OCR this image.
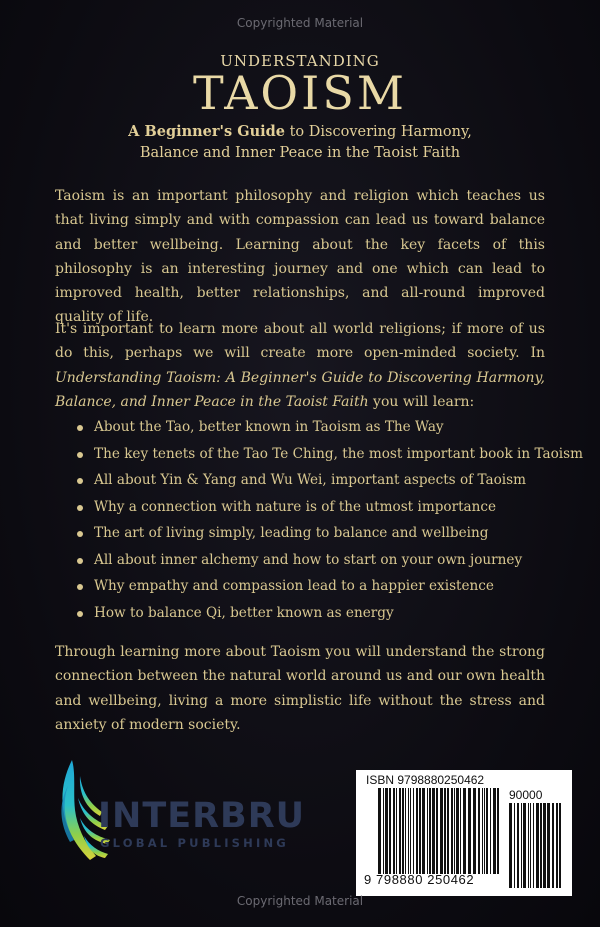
Copyrighted Material
UNDERSTANDING
TAOISM
A Beginner's Guide to Discovering Harmony,
Balance and Inner Peace in the Taoist Faith

Taoism is an important philosophy and religion which teaches us that living simply and with compassion can lead us toward balance and better wellbeing. Learning about the key facets of this philosophy is an interesting journey and one which can lead to improved health, better relationships, and all-round improved quality of life.

It's important to learn more about all world religions; if more of us do this, perhaps we will create more open-minded society. In Understanding Taoism: A Beginner's Guide to Discovering Harmony, Balance, and Inner Peace in the Taoist Faith you will learn:

About the Tao, better known in Taoism as The Way
The key tenets of the Tao Te Ching, the most important book in Taoism
All about Yin & Yang and Wu Wei, important aspects of Taoism
Why a connection with nature is of the utmost importance
The art of living simply, leading to balance and wellbeing
All about inner alchemy and how to start on your own journey
Why empathy and compassion lead to a happier existence
How to balance Qi, better known as energy

Through learning more about Taoism you will understand the strong connection between the natural world around us and our own health and wellbeing, living a more simplistic life without the stress and anxiety of modern society.

INTERBRU
GLOBAL PUBLISHING
ISBN 9798880250462
90000
9 798880 250462
Copyrighted Material
